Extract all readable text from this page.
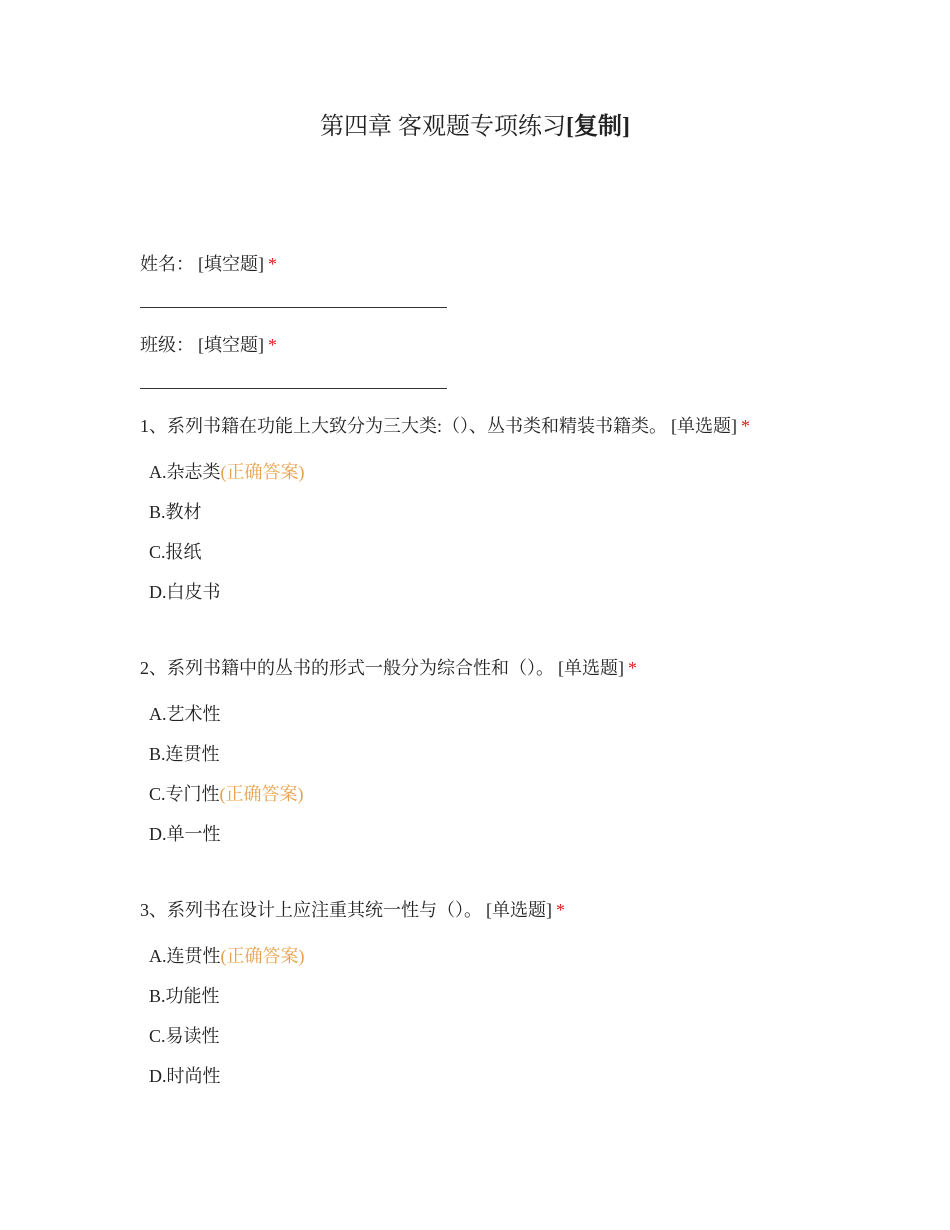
第四章 客观题专项练习[复制]
姓名： [填空题] *
班级： [填空题] *
1、系列书籍在功能上大致分为三大类:（）、丛书类和精装书籍类。 [单选题] *
A.杂志类(正确答案)
B.教材
C.报纸
D.白皮书
2、系列书籍中的丛书的形式一般分为综合性和（）。 [单选题] *
A.艺术性
B.连贯性
C.专门性(正确答案)
D.单一性
3、系列书在设计上应注重其统一性与（）。 [单选题] *
A.连贯性(正确答案)
B.功能性
C.易读性
D.时尚性
